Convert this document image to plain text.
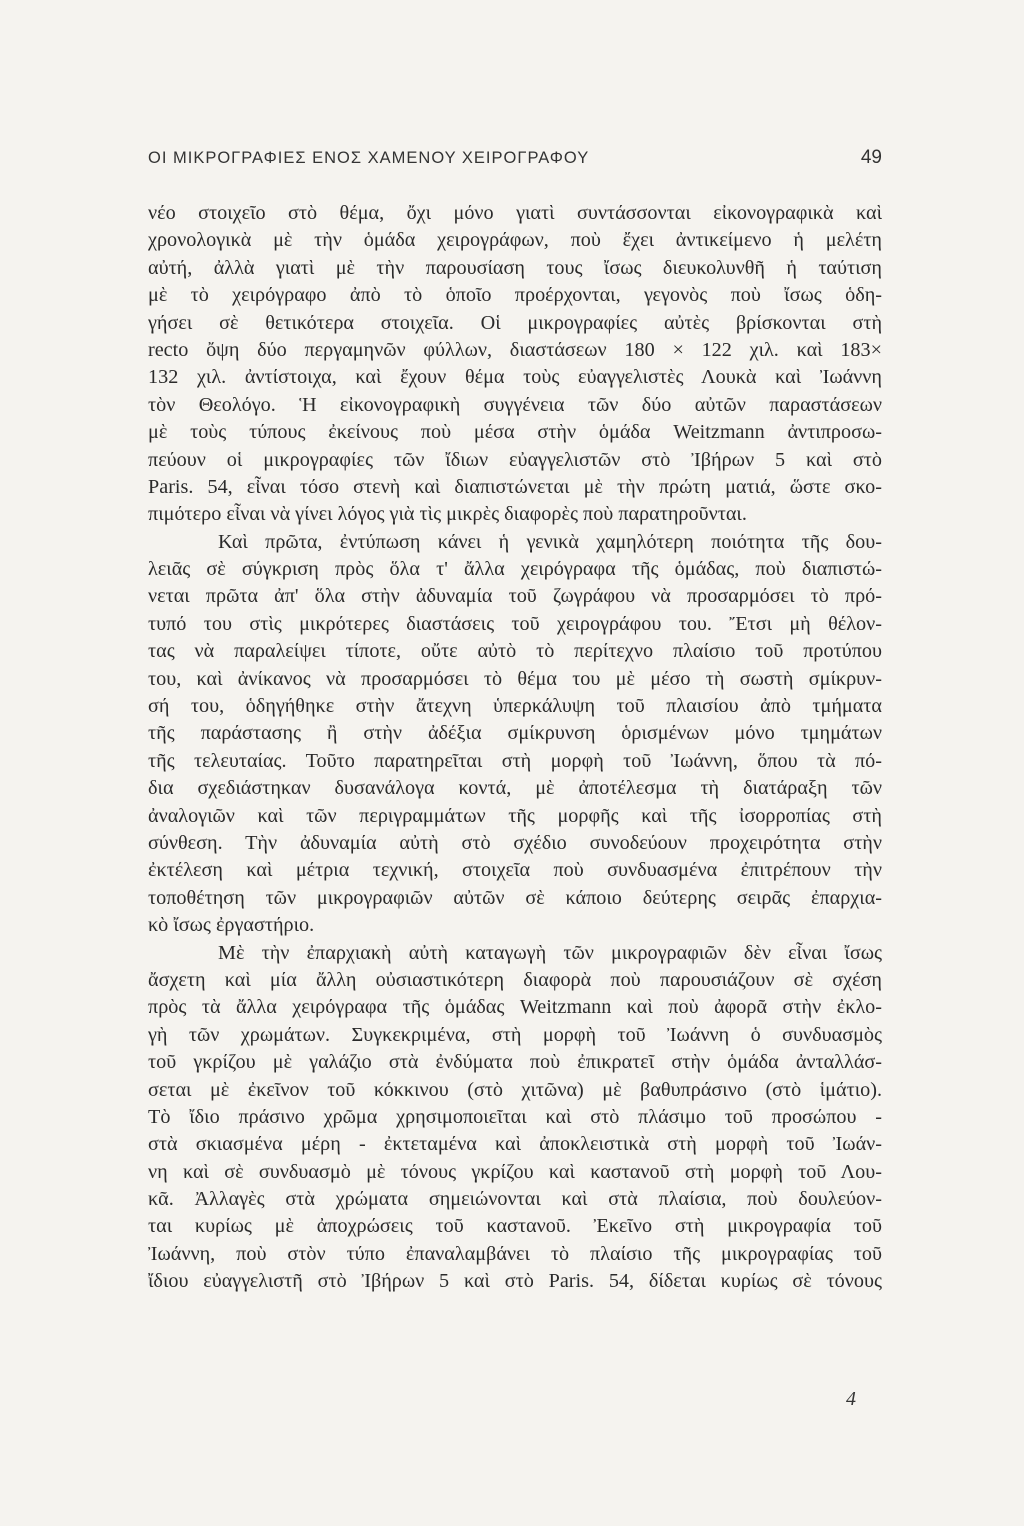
ΟΙ ΜΙΚΡΟΓΡΑΦΙΕΣ ΕΝΟΣ ΧΑΜΕΝΟΥ ΧΕΙΡΟΓΡΑΦΟΥ	49
νέο στοιχεῖο στὸ θέμα, ὄχι μόνο γιατὶ συντάσσονται εἰκονογραφικὰ καὶ
χρονολογικὰ μὲ τὴν ὁμάδα χειρογράφων, ποὺ ἔχει ἀντικείμενο ἡ μελέτη
αὐτή, ἀλλὰ γιατὶ μὲ τὴν παρουσίαση τους ἴσως διευκολυνθῆ ἡ ταύτιση
μὲ τὸ χειρόγραφο ἀπὸ τὸ ὁποῖο προέρχονται, γεγονὸς ποὺ ἴσως ὁδη-
γήσει σὲ θετικότερα στοιχεῖα. Οἱ μικρογραφίες αὐτὲς βρίσκονται στὴ
recto ὄψη δύο περγαμηνῶν φύλλων, διαστάσεων 180 × 122 χιλ. καὶ 183×
132 χιλ. ἀντίστοιχα, καὶ ἔχουν θέμα τοὺς εὐαγγελιστὲς Λουκὰ καὶ Ἰωάννη
τὸν Θεολόγο. Ἡ εἰκονογραφικὴ συγγένεια τῶν δύο αὐτῶν παραστάσεων
μὲ τοὺς τύπους ἐκείνους ποὺ μέσα στὴν ὁμάδα Weitzmann ἀντιπροσω-
πεύουν οἱ μικρογραφίες τῶν ἴδιων εὐαγγελιστῶν στὸ Ἰβήρων 5 καὶ στὸ
Paris. 54, εἶναι τόσο στενὴ καὶ διαπιστώνεται μὲ τὴν πρώτη ματιά, ὥστε σκο-
πιμότερο εἶναι νὰ γίνει λόγος γιὰ τὶς μικρὲς διαφορὲς ποὺ παρατηροῦνται.
Καὶ πρῶτα, ἐντύπωση κάνει ἡ γενικὰ χαμηλότερη ποιότητα τῆς δου-
λειᾶς σὲ σύγκριση πρὸς ὅλα τ' ἄλλα χειρόγραφα τῆς ὁμάδας, ποὺ διαπιστώ-
νεται πρῶτα ἀπ' ὅλα στὴν ἀδυναμία τοῦ ζωγράφου νὰ προσαρμόσει τὸ πρό-
τυπό του στὶς μικρότερες διαστάσεις τοῦ χειρογράφου του. Ἔτσι μὴ θέλον-
τας νὰ παραλείψει τίποτε, οὔτε αὐτὸ τὸ περίτεχνο πλαίσιο τοῦ προτύπου
του, καὶ ἀνίκανος νὰ προσαρμόσει τὸ θέμα του μὲ μέσο τὴ σωστὴ σμίκρυν-
σή του, ὁδηγήθηκε στὴν ἄτεχνη ὑπερκάλυψη τοῦ πλαισίου ἀπὸ τμήματα
τῆς παράστασης ἢ στὴν ἀδέξια σμίκρυνση ὁρισμένων μόνο τμημάτων
τῆς τελευταίας. Τοῦτο παρατηρεῖται στὴ μορφὴ τοῦ Ἰωάννη, ὅπου τὰ πό-
δια σχεδιάστηκαν δυσανάλογα κοντά, μὲ ἀποτέλεσμα τὴ διατάραξη τῶν
ἀναλογιῶν καὶ τῶν περιγραμμάτων τῆς μορφῆς καὶ τῆς ἰσορροπίας στὴ
σύνθεση. Τὴν ἀδυναμία αὐτὴ στὸ σχέδιο συνοδεύουν προχειρότητα στὴν
ἐκτέλεση καὶ μέτρια τεχνική, στοιχεῖα ποὺ συνδυασμένα ἐπιτρέπουν τὴν
τοποθέτηση τῶν μικρογραφιῶν αὐτῶν σὲ κάποιο δεύτερης σειρᾶς ἐπαρχια-
κὸ ἴσως ἐργαστήριο.
Μὲ τὴν ἐπαρχιακὴ αὐτὴ καταγωγὴ τῶν μικρογραφιῶν δὲν εἶναι ἴσως
ἄσχετη καὶ μία ἄλλη οὐσιαστικότερη διαφορὰ ποὺ παρουσιάζουν σὲ σχέση
πρὸς τὰ ἄλλα χειρόγραφα τῆς ὁμάδας Weitzmann καὶ ποὺ ἀφορᾶ στὴν ἐκλο-
γὴ τῶν χρωμάτων. Συγκεκριμένα, στὴ μορφὴ τοῦ Ἰωάννη ὁ συνδυασμὸς
τοῦ γκρίζου μὲ γαλάζιο στὰ ἐνδύματα ποὺ ἐπικρατεῖ στὴν ὁμάδα ἀνταλλάσ-
σεται μὲ ἐκεῖνον τοῦ κόκκινου (στὸ χιτῶνα) μὲ βαθυπράσινο (στὸ ἱμάτιο).
Τὸ ἴδιο πράσινο χρῶμα χρησιμοποιεῖται καὶ στὸ πλάσιμο τοῦ προσώπου -
στὰ σκιασμένα μέρη - ἐκτεταμένα καὶ ἀποκλειστικὰ στὴ μορφὴ τοῦ Ἰωάν-
νη καὶ σὲ συνδυασμὸ μὲ τόνους γκρίζου καὶ καστανοῦ στὴ μορφὴ τοῦ Λου-
κᾶ. Ἀλλαγὲς στὰ χρώματα σημειώνονται καὶ στὰ πλαίσια, ποὺ δουλεύον-
ται κυρίως μὲ ἀποχρώσεις τοῦ καστανοῦ. Ἐκεῖνο στὴ μικρογραφία τοῦ
Ἰωάννη, ποὺ στὸν τύπο ἐπαναλαμβάνει τὸ πλαίσιο τῆς μικρογραφίας τοῦ
ἴδιου εὐαγγελιστῆ στὸ Ἰβήρων 5 καὶ στὸ Paris. 54, δίδεται κυρίως σὲ τόνους
4
